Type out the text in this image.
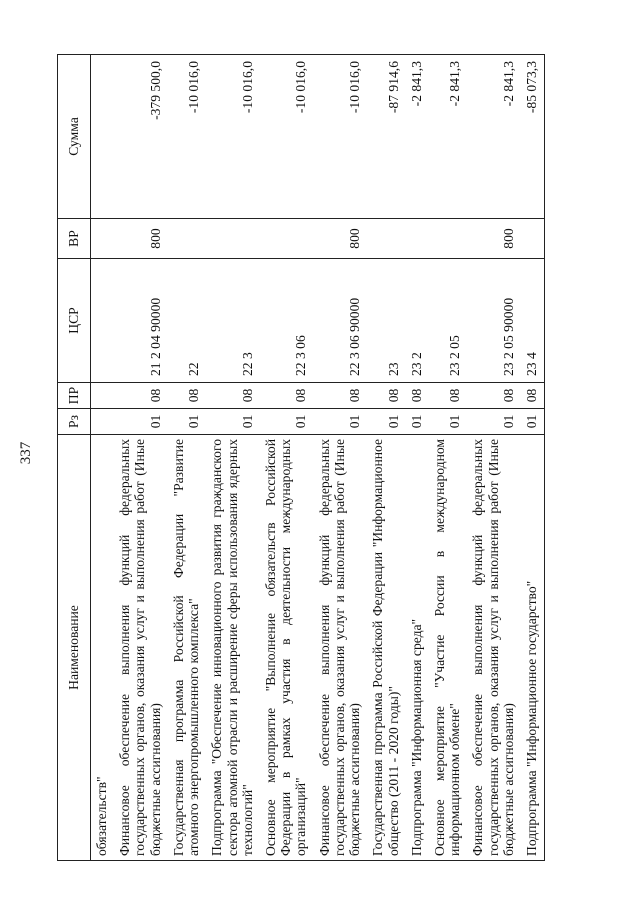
337
Наименование	Рз	ПР	ЦСР	ВР	Сумма
обязательств"					
Финансовое обеспечение выполнения функций федеральных государственных органов, оказания услуг и выполнения работ (Иные бюджетные ассигнования)	01	08	21 2 04 90000	800	-379 500,0
Государственная программа Российской Федерации "Развитие атомного энергопромышленного комплекса"	01	08	22		-10 016,0
Подпрограмма "Обеспечение инновационного развития гражданского сектора атомной отрасли и расширение сферы использования ядерных технологий"	01	08	22 3		-10 016,0
Основное мероприятие "Выполнение обязательств Российской Федерации в рамках участия в деятельности международных организаций"	01	08	22 3 06		-10 016,0
Финансовое обеспечение выполнения функций федеральных государственных органов, оказания услуг и выполнения работ (Иные бюджетные ассигнования)	01	08	22 3 06 90000	800	-10 016,0
Государственная программа Российской Федерации "Информационное общество (2011 - 2020 годы)"	01	08	23		-87 914,6
Подпрограмма "Информационная среда"	01	08	23 2		-2 841,3
Основное мероприятие "Участие России в международном информационном обмене"	01	08	23 2 05		-2 841,3
Финансовое обеспечение выполнения функций федеральных государственных органов, оказания услуг и выполнения работ (Иные бюджетные ассигнования)	01	08	23 2 05 90000	800	-2 841,3
Подпрограмма "Информационное государство"	01	08	23 4		-85 073,3
